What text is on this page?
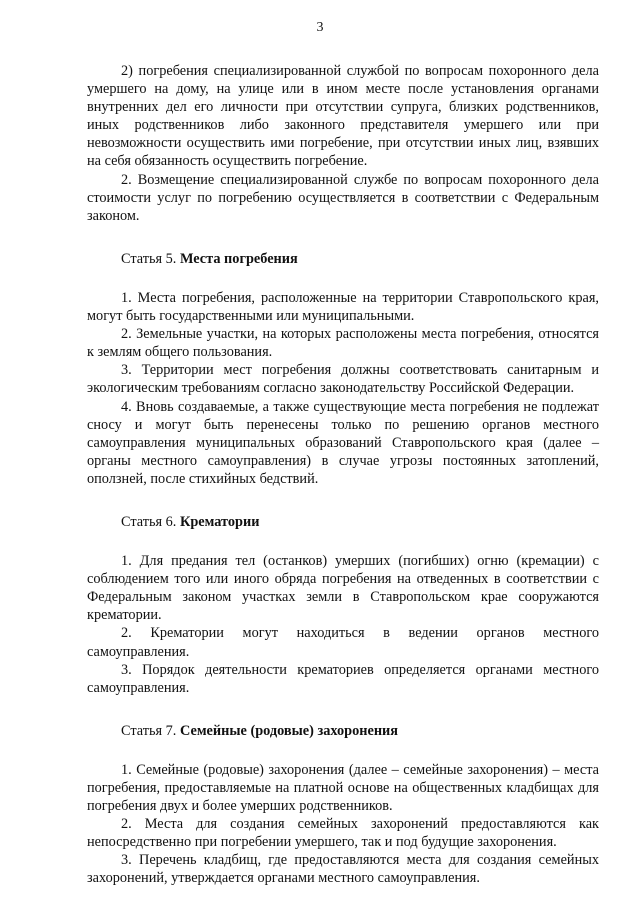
3

2) погребения специализированной службой по вопросам похоронного дела умершего на дому, на улице или в ином месте после установления органами внутренних дел его личности при отсутствии супруга, близких родственников, иных родственников либо законного представителя умершего или при невозможности осуществить ими погребение, при отсутствии иных лиц, взявших на себя обязанность осуществить погребение.

2. Возмещение специализированной службе по вопросам похоронного дела стоимости услуг по погребению осуществляется в соответствии с Федеральным законом.

Статья 5. Места погребения

1. Места погребения, расположенные на территории Ставропольского края, могут быть государственными или муниципальными.

2. Земельные участки, на которых расположены места погребения, относятся к землям общего пользования.

3. Территории мест погребения должны соответствовать санитарным и экологическим требованиям согласно законодательству Российской Федерации.

4. Вновь создаваемые, а также существующие места погребения не подлежат сносу и могут быть перенесены только по решению органов местного самоуправления муниципальных образований Ставропольского края (далее – органы местного самоуправления) в случае угрозы постоянных затоплений, оползней, после стихийных бедствий.

Статья 6. Крематории

1. Для предания тел (останков) умерших (погибших) огню (кремации) с соблюдением того или иного обряда погребения на отведенных в соответствии с Федеральным законом участках земли в Ставропольском крае сооружаются крематории.

2. Крематории могут находиться в ведении органов местного самоуправления.

3. Порядок деятельности крематориев определяется органами местного самоуправления.

Статья 7. Семейные (родовые) захоронения

1. Семейные (родовые) захоронения (далее – семейные захоронения) – места погребения, предоставляемые на платной основе на общественных кладбищах для погребения двух и более умерших родственников.

2. Места для создания семейных захоронений предоставляются как непосредственно при погребении умершего, так и под будущие захоронения.

3. Перечень кладбищ, где предоставляются места для создания семейных захоронений, утверждается органами местного самоуправления.
